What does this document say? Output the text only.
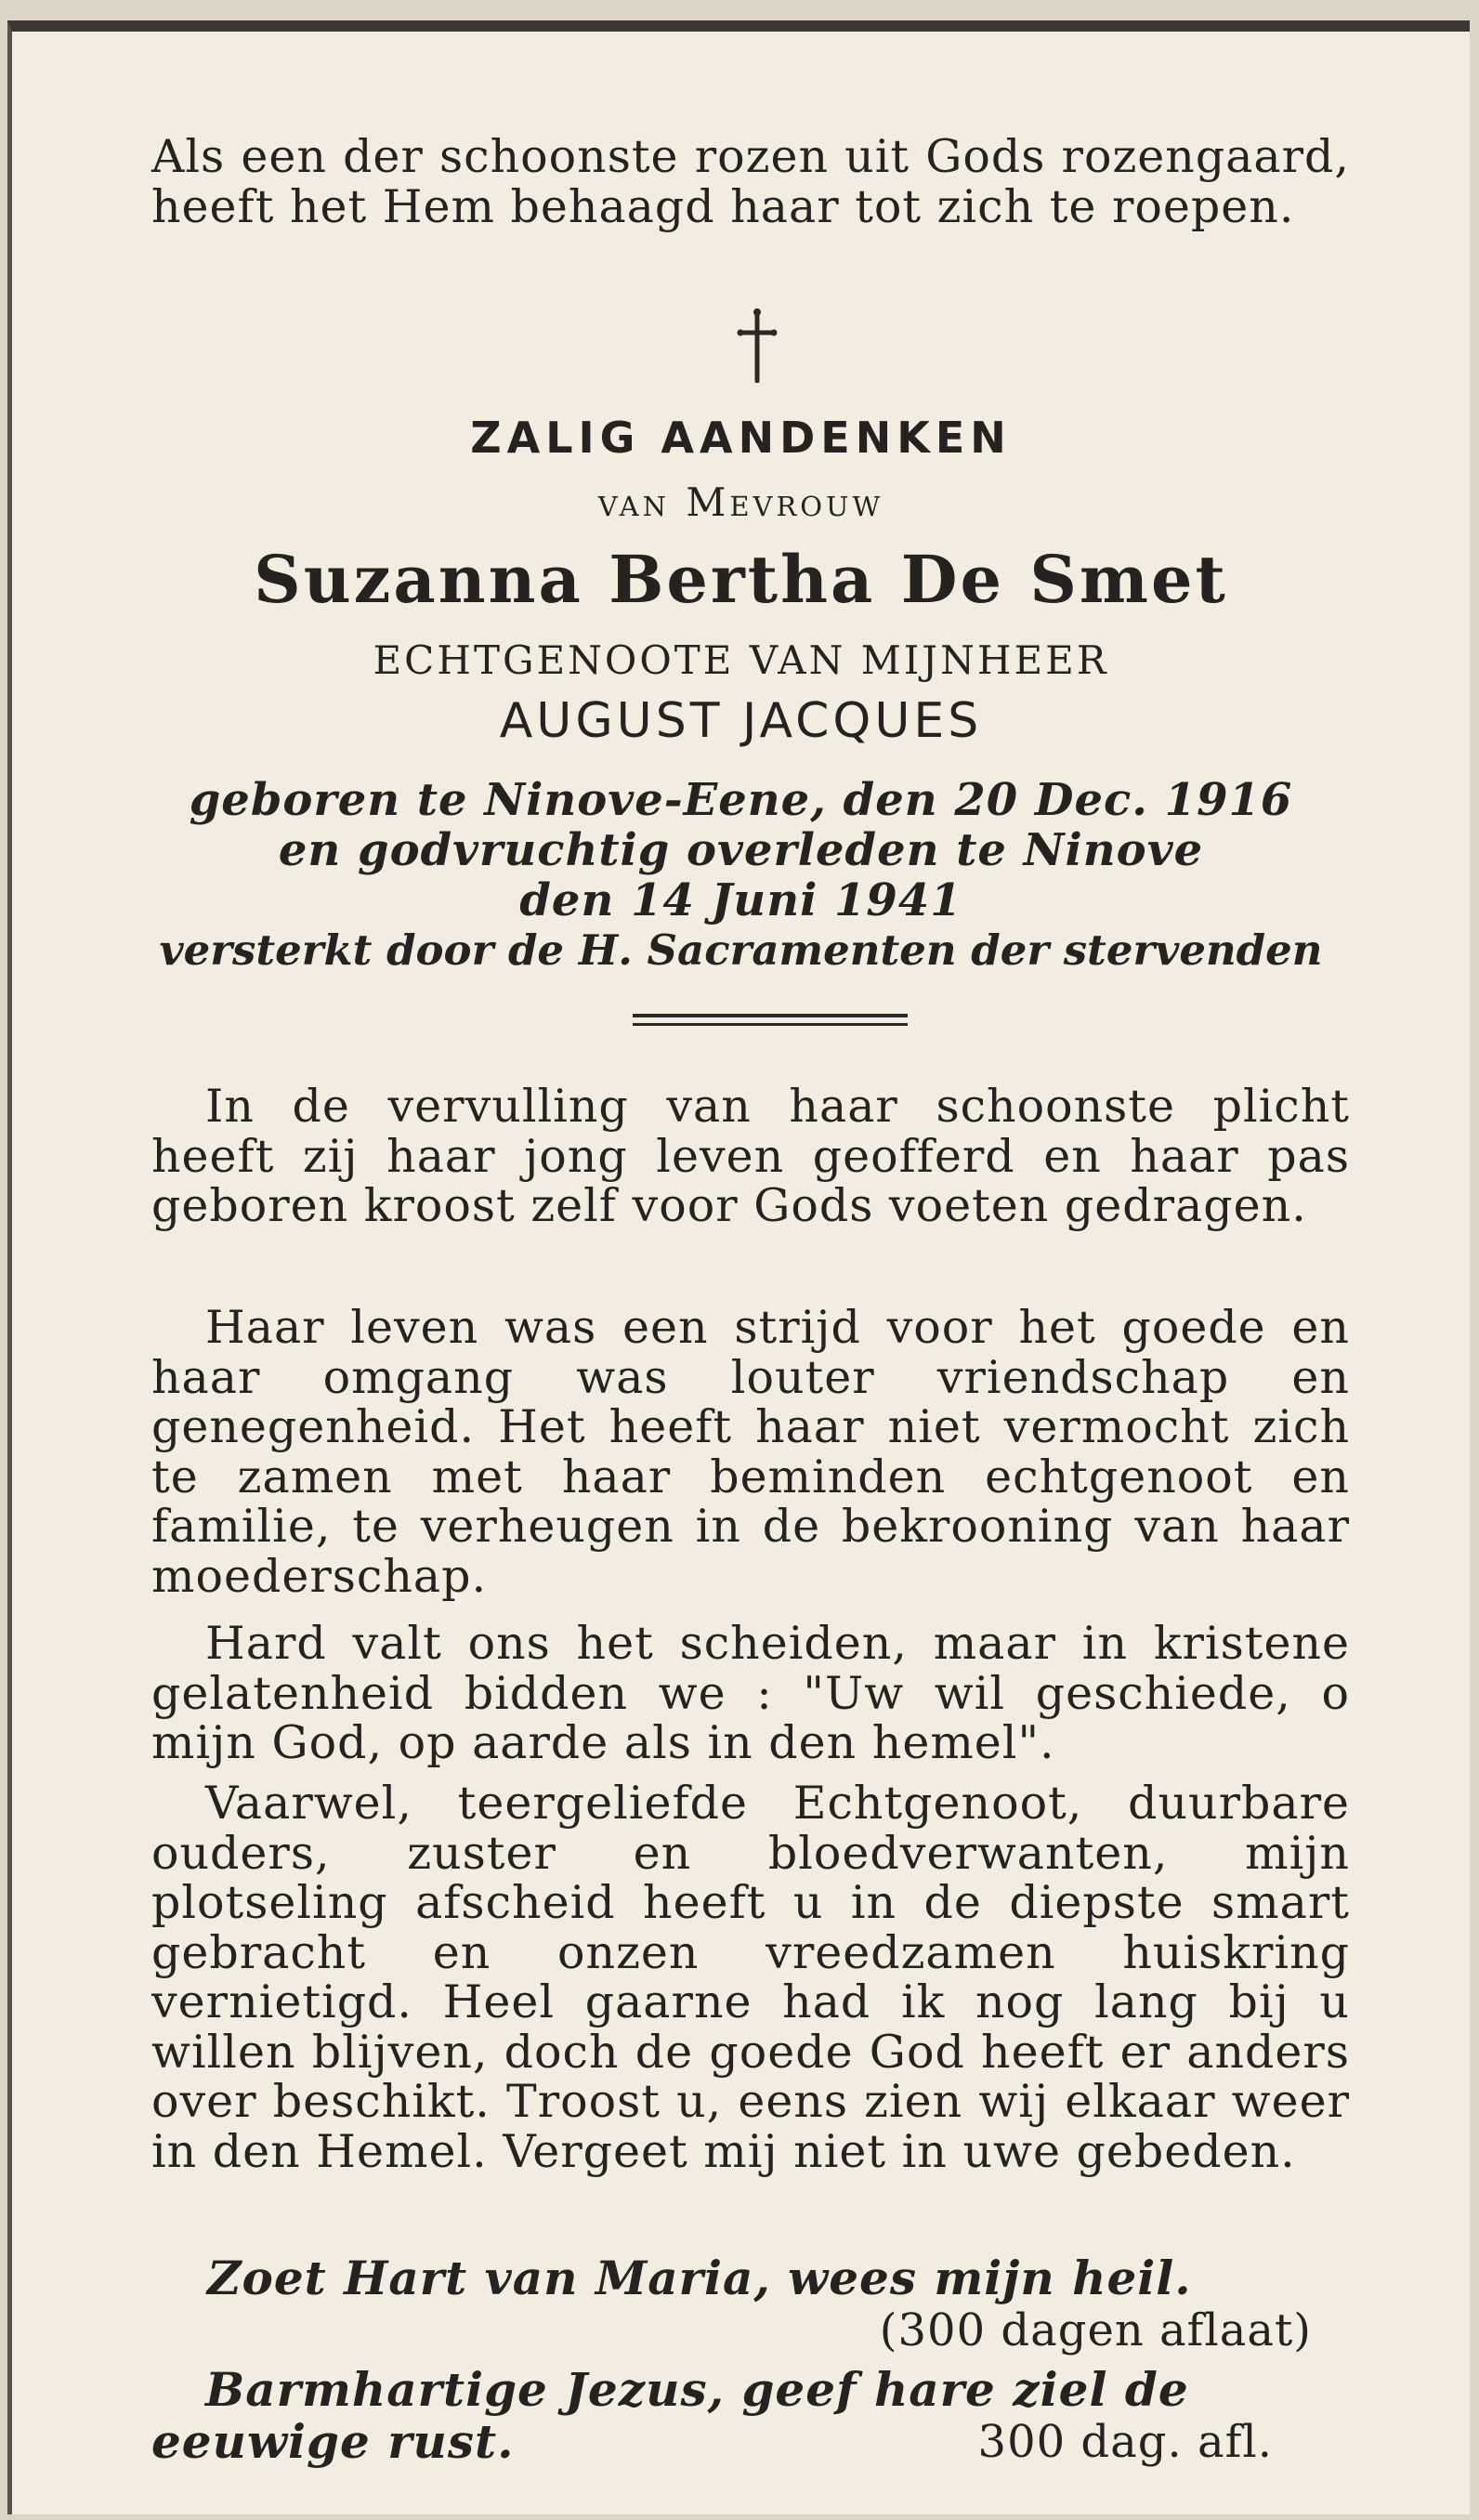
Als een der schoonste rozen uit Gods rozengaard, heeft het Hem behaagd haar tot zich te roepen.

ZALIG AANDENKEN

van Mevrouw

Suzanna Bertha De Smet

ECHTGENOOTE VAN MIJNHEER

AUGUST JACQUES

geboren te Ninove-Eene, den 20 Dec. 1916
en godvruchtig overleden te Ninove
den 14 Juni 1941
versterkt door de H. Sacramenten der stervenden

In de vervulling van haar schoonste plicht heeft zij haar jong leven geofferd en haar pas geboren kroost zelf voor Gods voeten gedragen.

Haar leven was een strijd voor het goede en haar omgang was louter vriendschap en genegenheid. Het heeft haar niet vermocht zich te zamen met haar beminden echtgenoot en familie, te verheugen in de bekrooning van haar moederschap.

Hard valt ons het scheiden, maar in kristene gelatenheid bidden we : "Uw wil geschiede, o mijn God, op aarde als in den hemel".

Vaarwel, teergeliefde Echtgenoot, duurbare ouders, zuster en bloedverwanten, mijn plotseling afscheid heeft u in de diepste smart gebracht en onzen vreedzamen huiskring vernietigd. Heel gaarne had ik nog lang bij u willen blijven, doch de goede God heeft er anders over beschikt. Troost u, eens zien wij elkaar weer in den Hemel. Vergeet mij niet in uwe gebeden.

Zoet Hart van Maria, wees mijn heil.

(300 dagen aflaat)

Barmhartige Jezus, geef hare ziel de eeuwige rust.	300 dag. afl.
